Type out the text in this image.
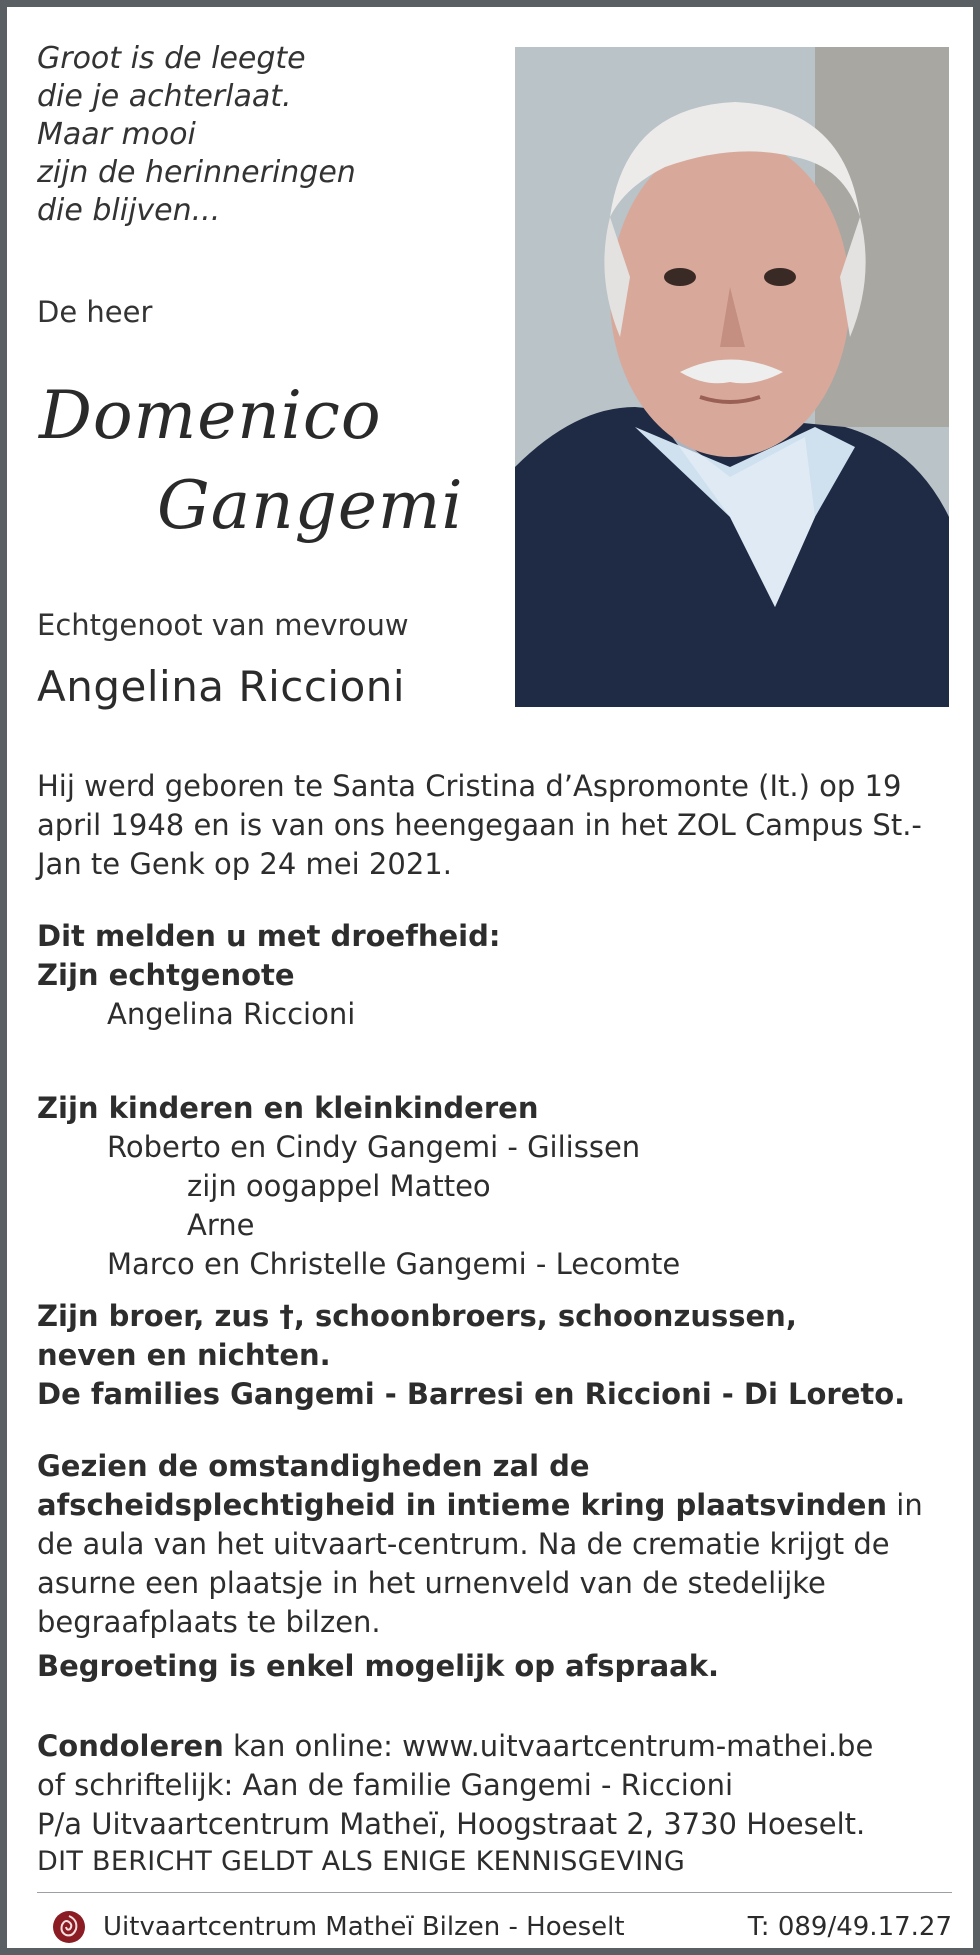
Groot is de leegte
die je achterlaat.
Maar mooi
zijn de herinneringen
die blijven...
De heer
Domenico
Gangemi
Echtgenoot van mevrouw
Angelina Riccioni
Hij werd geboren te Santa Cristina d’Aspromonte (It.) op 19 april 1948 en is van ons heengegaan in het ZOL Campus St.-Jan te Genk op 24 mei 2021.
Dit melden u met droefheid:
Zijn echtgenote
Angelina Riccioni
Zijn kinderen en kleinkinderen
Roberto en Cindy Gangemi - Gilissen
zijn oogappel Matteo
Arne
Marco en Christelle Gangemi - Lecomte
Zijn broer, zus †, schoonbroers, schoonzussen,
neven en nichten.
De families Gangemi - Barresi en Riccioni - Di Loreto.
Gezien de omstandigheden zal de afscheidsplechtigheid in intieme kring plaatsvinden in de aula van het uitvaart-centrum. Na de crematie krijgt de asurne een plaatsje in het urnenveld van de stedelijke begraafplaats te bilzen.
Begroeting is enkel mogelijk op afspraak.
Condoleren kan online: www.uitvaartcentrum-mathei.be
of schriftelijk: Aan de familie Gangemi - Riccioni
P/a Uitvaartcentrum Matheï, Hoogstraat 2, 3730 Hoeselt.
DIT BERICHT GELDT ALS ENIGE KENNISGEVING
Uitvaartcentrum Matheï Bilzen - Hoeselt	T: 089/49.17.27
